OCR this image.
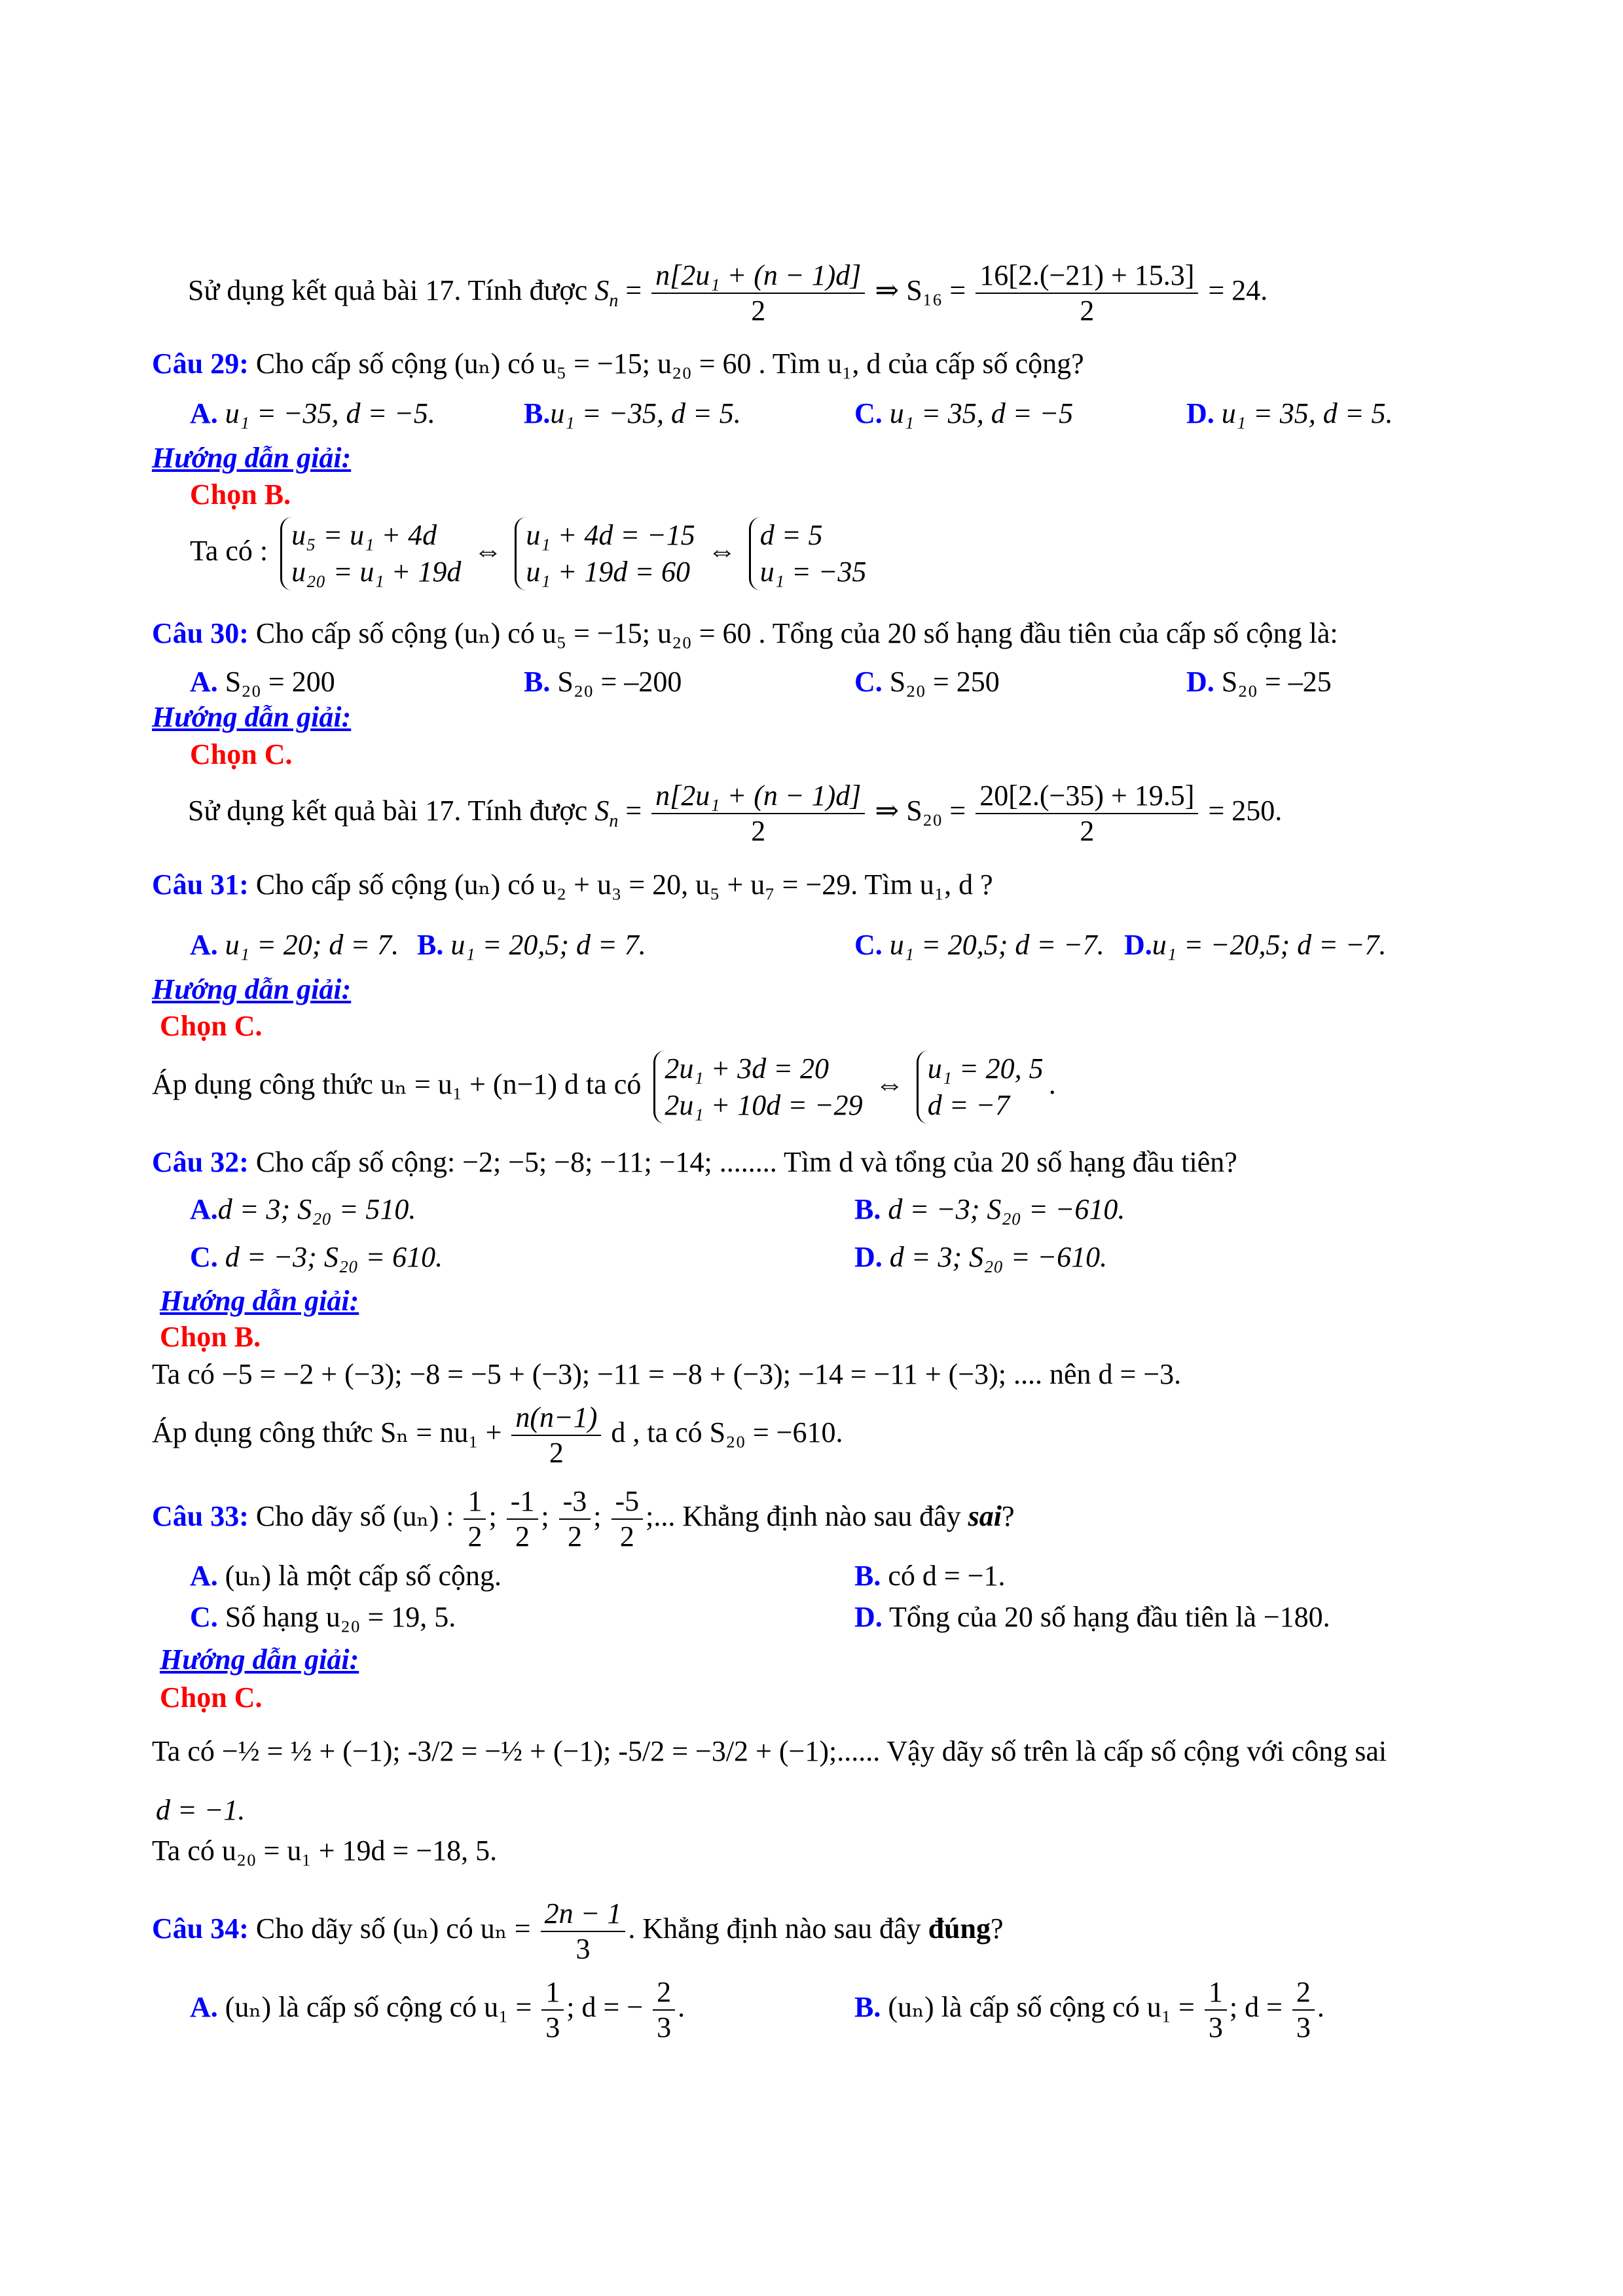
Sử dụng kết quả bài 17. Tính được $S_n = \frac{\text{n[2u₁ + (n − 1)d]}}{2}$ ⇒ $S_{16} = \frac{16[2.(-21) + 15.3]}{2} = 24$.
Câu 29: Cho cấp số cộng (uₙ) có u₅ = −15; u₂₀ = 60 . Tìm u₁, d của cấp số cộng?
A. u₁ = −35, d = −5.	B.u₁ = −35, d = 5.	C. u₁ = 35, d = −5	D. u₁ = 35, d = 5.
Hướng dẫn giải:
Chọn B.
Ta có : u₅ = u₁ + 4d
u₂₀ = u₁ + 19d
⇔ u₁ + 4d = −15
u₁ + 19d = 60
⇔ d = 5
u₁ = −35
Câu 30: Cho cấp số cộng (uₙ) có u₅ = −15; u₂₀ = 60 . Tổng của 20 số hạng đầu tiên của cấp số cộng là:
A. S₂₀ = 200	B. S₂₀ = –200	C. S₂₀ = 250	D. S₂₀ = –25
Hướng dẫn giải:
Chọn C.
Sử dụng kết quả bài 17. Tính được $S_n = \frac{\text{n[2u₁ + (n − 1)d]}}{2}$ ⇒ $S_{20} = \frac{20[2.(-35) + 19.5]}{2} = 250$.
Câu 31: Cho cấp số cộng (uₙ) có u₂ + u₃ = 20, u₅ + u₇ = −29. Tìm u₁, d ?
A. u₁ = 20; d = 7. B. u₁ = 20,5; d = 7.	C. u₁ = 20,5; d = −7. D.u₁ = −20,5; d = −7.
Hướng dẫn giải:
Chọn C.
Áp dụng công thức uₙ = u₁ + (n−1) d ta có 2u₁ + 3d = 20
2u₁ + 10d = −29
⇔ u₁ = 20, 5
d = −7
.
Câu 32: Cho cấp số cộng: −2; −5; −8; −11; −14; ........ Tìm d và tổng của 20 số hạng đầu tiên?
A.d = 3; S₂₀ = 510.	B. d = −3; S₂₀ = −610.
C. d = −3; S₂₀ = 610.	D. d = 3; S₂₀ = −610.
Hướng dẫn giải:
Chọn B.
Ta có −5 = −2 + (−3); −8 = −5 + (−3); −11 = −8 + (−3); −14 = −11 + (−3); .... nên d = −3.
Áp dụng công thức $S_n = nu_1 + \frac{n(n-1)}{2}$ d , ta có S₂₀ = −610.
Câu 33: Cho dãy số (uₙ) : $\frac{1}{2}$ ; $\frac{-1}{2}$ ; $\frac{-3}{2}$ ; $\frac{-5}{2}$ ;... Khẳng định nào sau đây sai?
A. (uₙ) là một cấp số cộng.	B. có d = −1.
C. Số hạng u₂₀ = 19, 5.	D. Tổng của 20 số hạng đầu tiên là −180.
Hướng dẫn giải:
Chọn C.
Ta có −½ = ½ + (−1); -3/2 = −½ + (−1); -5/2 = −3/2 + (−1);...... Vậy dãy số trên là cấp số cộng với công sai
d = −1.
Ta có u₂₀ = u₁ + 19d = −18, 5.
Câu 34: Cho dãy số (uₙ) có $u_n = \frac{2n - 1}{3}$ . Khẳng định nào sau đây đúng?
A. (uₙ) là cấp số cộng có $u_1 = \frac{1}{3}$ ; d = − $\frac{2}{3}$ .	B. (uₙ) là cấp số cộng có $u_1 = \frac{1}{3}$ ; $d = \frac{2}{3}$ .
